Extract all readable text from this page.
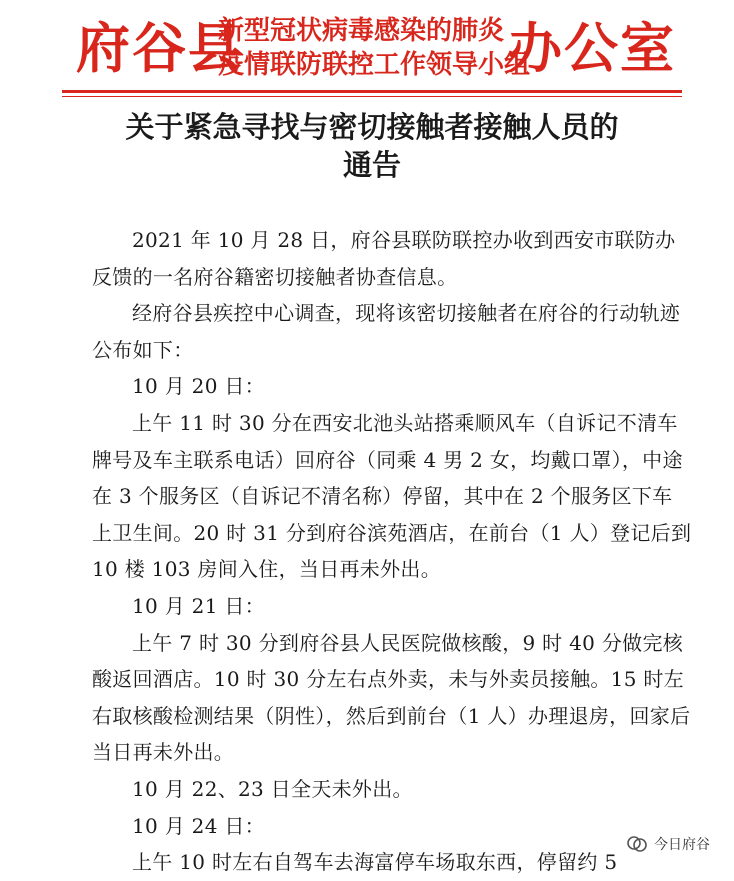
府谷县
新型冠状病毒感染的肺炎
疫情联防联控工作领导小组
办公室
关于紧急寻找与密切接触者接触人员的
通告

2021 年 10 月 28 日，府谷县联防联控办收到西安市联防办反馈的一名府谷籍密切接触者协查信息。

经府谷县疾控中心调查，现将该密切接触者在府谷的行动轨迹公布如下：

10 月 20 日：

上午 11 时 30 分在西安北池头站搭乘顺风车（自诉记不清车牌号及车主联系电话）回府谷（同乘 4 男 2 女，均戴口罩），中途在 3 个服务区（自诉记不清名称）停留，其中在 2 个服务区下车上卫生间。20 时 31 分到府谷滨苑酒店，在前台（1 人）登记后到 10 楼 103 房间入住，当日再未外出。

10 月 21 日：

上午 7 时 30 分到府谷县人民医院做核酸，9 时 40 分做完核酸返回酒店。10 时 30 分左右点外卖，未与外卖员接触。15 时左右取核酸检测结果（阴性），然后到前台（1 人）办理退房，回家后当日再未外出。

10 月 22、23 日全天未外出。

10 月 24 日：

上午 10 时左右自驾车去海富停车场取东西，停留约 5

今日府谷
